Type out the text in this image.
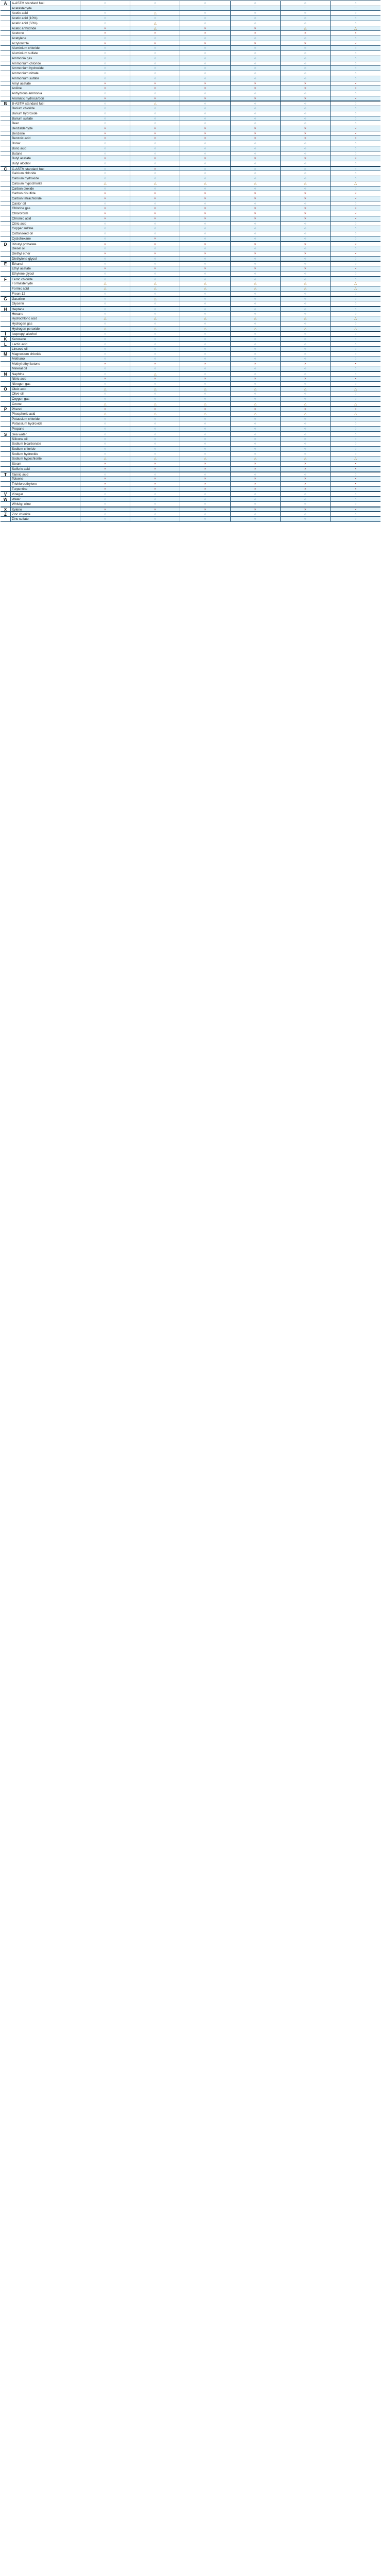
A	A-ASTM standard fuel	○	○	○	○	○	○
Acetaldehyde	－	－	－	－	－	－
Acetic acid	○	△	○	○	○	○
Acetic acid (10%)	○	○	○	○	○	○
Acetic acid (50%)	○	△	○	○	○	○
Acetic anhydride	×	△	×	×	△	△
Acetone	×	×	×	×	×	×
Acetylene	○	○	○	○	○	○
Acrylonitrile	×	×	×	×	×	×
Aluminium chloride	○	○	○	○	○	○
Aluminium sulfate	○	○	○	○	○	○
Ammonia gas	○	○	○	○	○	○
Ammonium chloride	○	○	○	○	○	○
Ammonium hydroxide	○	○	○	○	○	○
Ammonium nitrate	○	○	○	○	○	○
Ammonium sulfate	○	○	○	○	○	○
Amyl acetate	×	×	×	×	×	×
Aniline	×	×	×	×	×	×
Anhydrous ammonia	○	○	○	○	○	○
Aromatic hydrocarbon	×	×	×	×	×	×
B	B-ASTM standard fuel	○	△	○	○	○	○
Barium chloride	○	○	○	○	○	○
Barium hydroxide	○	○	○	○	○	○
Barium sulfate	○	○	○	○	○	○
Beer	○	○	○	○	○	○
Benzaldehyde	×	×	×	×	×	×
Benzene	×	×	×	×	×	×
Benzoic acid	×	×	×	×	×	×
Borax	○	○	○	○	○	○
Boric acid	○	○	○	○	○	○
Butane	○	○	○	○	○	○
Butyl acetate	×	×	×	×	×	×
Butyl alcohol	○	○	○	○	○	○
C	C-ASTM standard fuel	○	×	○	○	○	○
Calcium chloride	○	○	○	○	○	○
Calcium hydroxide	○	○	○	○	○	○
Calcium hypochlorite	△	△	△	△	△	△
Carbon dioxide	○	○	○	○	○	○
Carbon disulfide	×	×	×	×	×	×
Carbon tetrachloride	×	×	×	×	×	×
Castor oil	○	○	○	○	○	○
Chlorine gas	×	×	×	×	×	×
Chloroform	×	×	×	×	×	×
Chromic acid	×	×	×	×	×	×
Citric acid	○	○	○	○	○	○
Copper sulfate	○	○	○	○	○	○
Cottonseed oil	○	○	○	○	○	○
Cyclohexane	○	×	○	○	○	○
D	Dibutyl phthalate	×	×	×	×	×	×
Diesel oil	○	○	○	○	○	○
Diethyl ether	×	×	×	×	×	×
Diethylene glycol	○	○	○	○	○	○
E	Ethanol	○	○	○	○	○	○
Ethyl acetate	×	×	×	×	×	×
Ethylene glycol	○	○	○	○	○	○
F	Ferric chloride	○	○	○	○	○	○
Formaldehyde	△	△	△	△	△	△
Formic acid	△	△	△	△	△	△
Freon-12	○	○	○	○	○	○
G	Gasoline	○	△	○	○	○	○
Glycerin	○	○	○	○	○	○
H	Heptane	○	○	○	○	○	○
Hexane	○	○	○	○	○	○
Hydrochloric acid	△	△	△	△	△	△
Hydrogen gas	○	○	○	○	○	○
Hydrogen peroxide	△	△	△	△	△	△
I	Isopropyl alcohol	○	○	○	○	○	○
K	Kerosene	○	○	○	○	○	○
L	Lactic acid	○	○	○	○	○	○
Linseed oil	○	○	○	○	○	○
M	Magnesium chloride	○	○	○	○	○	○
Methanol	○	○	○	○	○	○
Methyl ethyl ketone	×	×	×	×	×	×
Mineral oil	○	○	○	○	○	○
N	Naphtha	○	△	○	○	○	○
Nitric acid	×	×	×	×	×	×
Nitrogen gas	○	○	○	○	○	○
O	Oleic acid	△	△	△	△	△	△
Olive oil	○	○	○	○	○	○
Oxygen gas	○	○	○	○	○	○
Ozone	△	△	△	△	△	△
P	Phenol	×	×	×	×	×	×
Phosphoric acid	△	△	△	△	△	△
Potassium chloride	○	○	○	○	○	○
Potassium hydroxide	○	○	○	○	○	○
Propane	○	○	○	○	○	○
S	Sea water	○	○	○	○	○	○
Silicone oil	○	○	○	○	○	○
Sodium bicarbonate	○	○	○	○	○	○
Sodium chloride	○	○	○	○	○	○
Sodium hydroxide	○	○	○	○	○	○
Sodium hypochlorite	△	△	△	△	△	△
Steam	×	×	×	×	×	×
Sulfuric acid	×	×	×	×	×	×
T	Tannic acid	○	○	○	○	○	○
Toluene	×	×	×	×	×	×
Trichloroethylene	×	×	×	×	×	×
Turpentine	×	×	×	×	×	×
V	Vinegar	○	○	○	○	○	○
W	Water	○	○	○	○	○	○
Whisky, wine	○	○	○	○	○	○
X	Xylene	×	×	×	×	×	×
Z	Zinc chloride	○	○	○	○	○	○
Zinc sulfate	○	○	○	○	○	○
